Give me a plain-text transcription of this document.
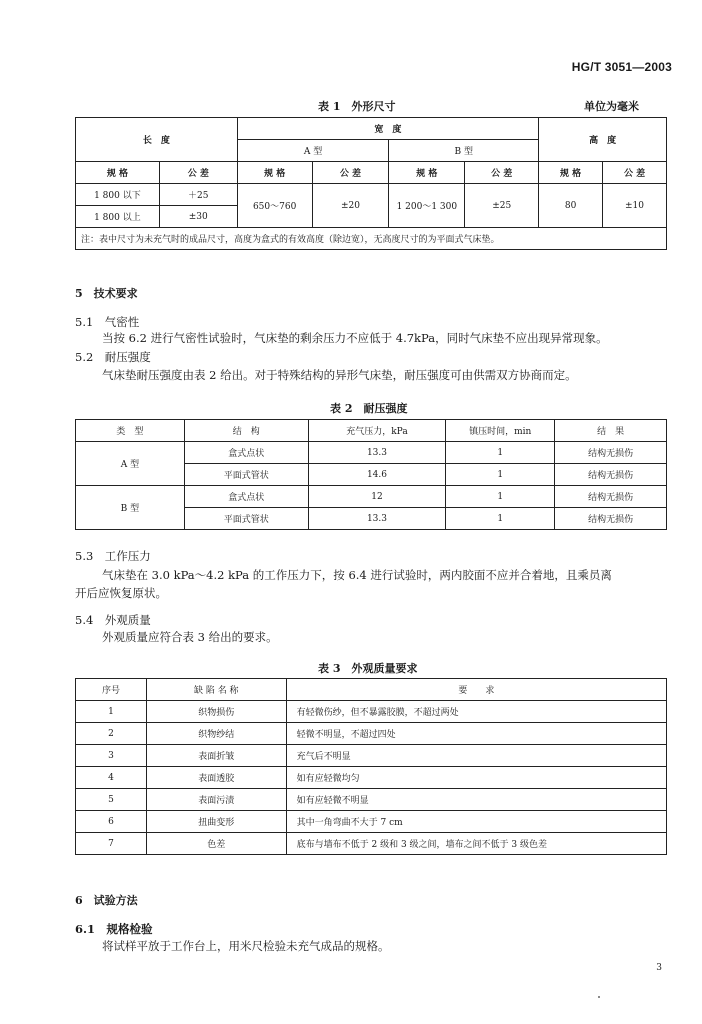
HG/T 3051—2003
表 1　外形尺寸	单位为毫米
长　度		宽　度				高　度	
		A 型		B 型			
规 格	公 差	规 格	公 差	规 格	公 差	规 格	公 差
1 800 以下	＋25	650～760	±20	1 200～1 300	±25	80	±10
1 800 以上	±30						
注：表中尺寸为未充气时的成品尺寸，高度为盒式的有效高度（除边宽），无高度尺寸的为平面式气床垫。							
5　技术要求
5.1　气密性
当按 6.2 进行气密性试验时，气床垫的剩余压力不应低于 4.7kPa，同时气床垫不应出现异常现象。
5.2　耐压强度
气床垫耐压强度由表 2 给出。对于特殊结构的异形气床垫，耐压强度可由供需双方协商而定。
表 2　耐压强度
类　型	结　构	充气压力，kPa	镇压时间，min	结　果
A 型	盒式点状	13.3	1	结构无损伤
	平面式管状	14.6	1	结构无损伤
B 型	盒式点状	12	1	结构无损伤
	平面式管状	13.3	1	结构无损伤
5.3　工作压力
气床垫在 3.0 kPa～4.2 kPa 的工作压力下，按 6.4 进行试验时，两内胶面不应并合着地，且乘员离
开后应恢复原状。
5.4　外观质量
外观质量应符合表 3 给出的要求。
表 3　外观质量要求
序号	缺 陷 名 称	要　　求
1	织物损伤	有轻微伤纱，但不暴露胶膜，不超过两处
2	织物纱结	轻微不明显，不超过四处
3	表面折皱	充气后不明显
4	表面透胶	如有应轻微均匀
5	表面污渍	如有应轻微不明显
6	扭曲变形	其中一角弯曲不大于 7 cm
7	色差	底布与墙布不低于 2 级和 3 级之间，墙布之间不低于 3 级色差
6　试验方法
6.1　规格检验
将试样平放于工作台上，用米尺检验未充气成品的规格。
3
